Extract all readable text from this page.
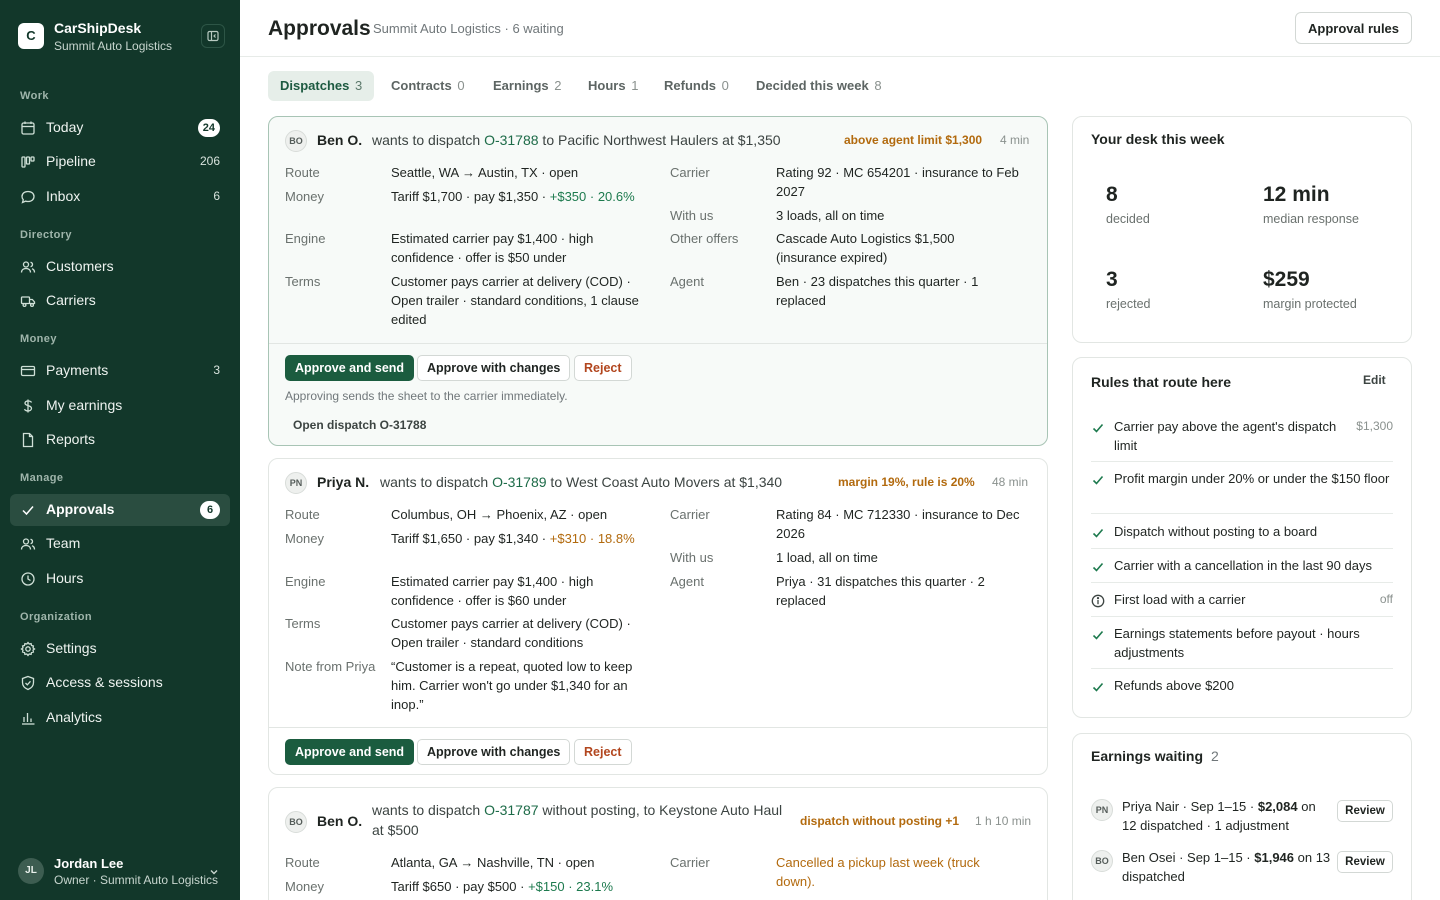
C	CarShipDesk
Summit Auto Logistics
Work
Today	24
Pipeline	206
Inbox	6
Directory
Customers
Carriers
Money
Payments	3
My earnings
Reports
Manage
Approvals	6
Team
Hours
Organization
Settings
Access & sessions
Analytics
JL	Jordan Lee
Owner · Summit Auto Logistics
Approvals Summit Auto Logistics · 6 waiting	Approval rules
Dispatches 3	Contracts 0	Earnings 2	Hours 1	Refunds 0	Decided this week 8
BO	Ben O. wants to dispatch O-31788 to Pacific Northwest Haulers at $1,350	above agent limit $1,300 4 min
Route	Seattle, WA → Austin, TX · open
Money	Tariff $1,700 · pay $1,350 · +$350 · 20.6%
Engine	Estimated carrier pay $1,400 · high confidence · offer is $50 under
Terms	Customer pays carrier at delivery (COD) · Open trailer · standard conditions, 1 clause edited
Carrier	Rating 92 · MC 654201 · insurance to Feb 2027
With us	3 loads, all on time
Other offers	Cascade Auto Logistics $1,500 (insurance expired)
Agent	Ben · 23 dispatches this quarter · 1 replaced
Approve and send	Approve with changes	Reject
Approving sends the sheet to the carrier immediately.
Open dispatch O-31788
PN	Priya N. wants to dispatch O-31789 to West Coast Auto Movers at $1,340	margin 19%, rule is 20% 48 min
Route	Columbus, OH → Phoenix, AZ · open
Money	Tariff $1,650 · pay $1,340 · +$310 · 18.8%
Engine	Estimated carrier pay $1,400 · high confidence · offer is $60 under
Terms	Customer pays carrier at delivery (COD) · Open trailer · standard conditions
Note from Priya “Customer is a repeat, quoted low to keep him. Carrier won't go under $1,340 for an inop.”
Carrier	Rating 84 · MC 712330 · insurance to Dec 2026
With us	1 load, all on time
Agent	Priya · 31 dispatches this quarter · 2 replaced
Approve and send	Approve with changes	Reject
BO	Ben O.
wants to dispatch O-31787 without posting, to Keystone Auto Haul at $500
dispatch without posting +1 1 h 10 min
Route	Atlanta, GA → Nashville, TN · open
Money	Tariff $650 · pay $500 · +$150 · 23.1%
Carrier	Cancelled a pickup last week (truck down).
Your desk this week
8
decided
12 min
median response
3
rejected
$259
margin protected
Rules that route here	Edit
Carrier pay above the agent's dispatch limit
$1,300
Profit margin under 20% or under the $150 floor
Dispatch without posting to a board
Carrier with a cancellation in the last 90 days
First load with a carrier	off
Earnings statements before payout · hours adjustments
Refunds above $200
Earnings waiting 2
PN	Priya Nair · Sep 1–15 · $2,084 on 12 dispatched · 1 adjustment
Review
BO	Ben Osei · Sep 1–15 · $1,946 on 13 dispatched
Review
